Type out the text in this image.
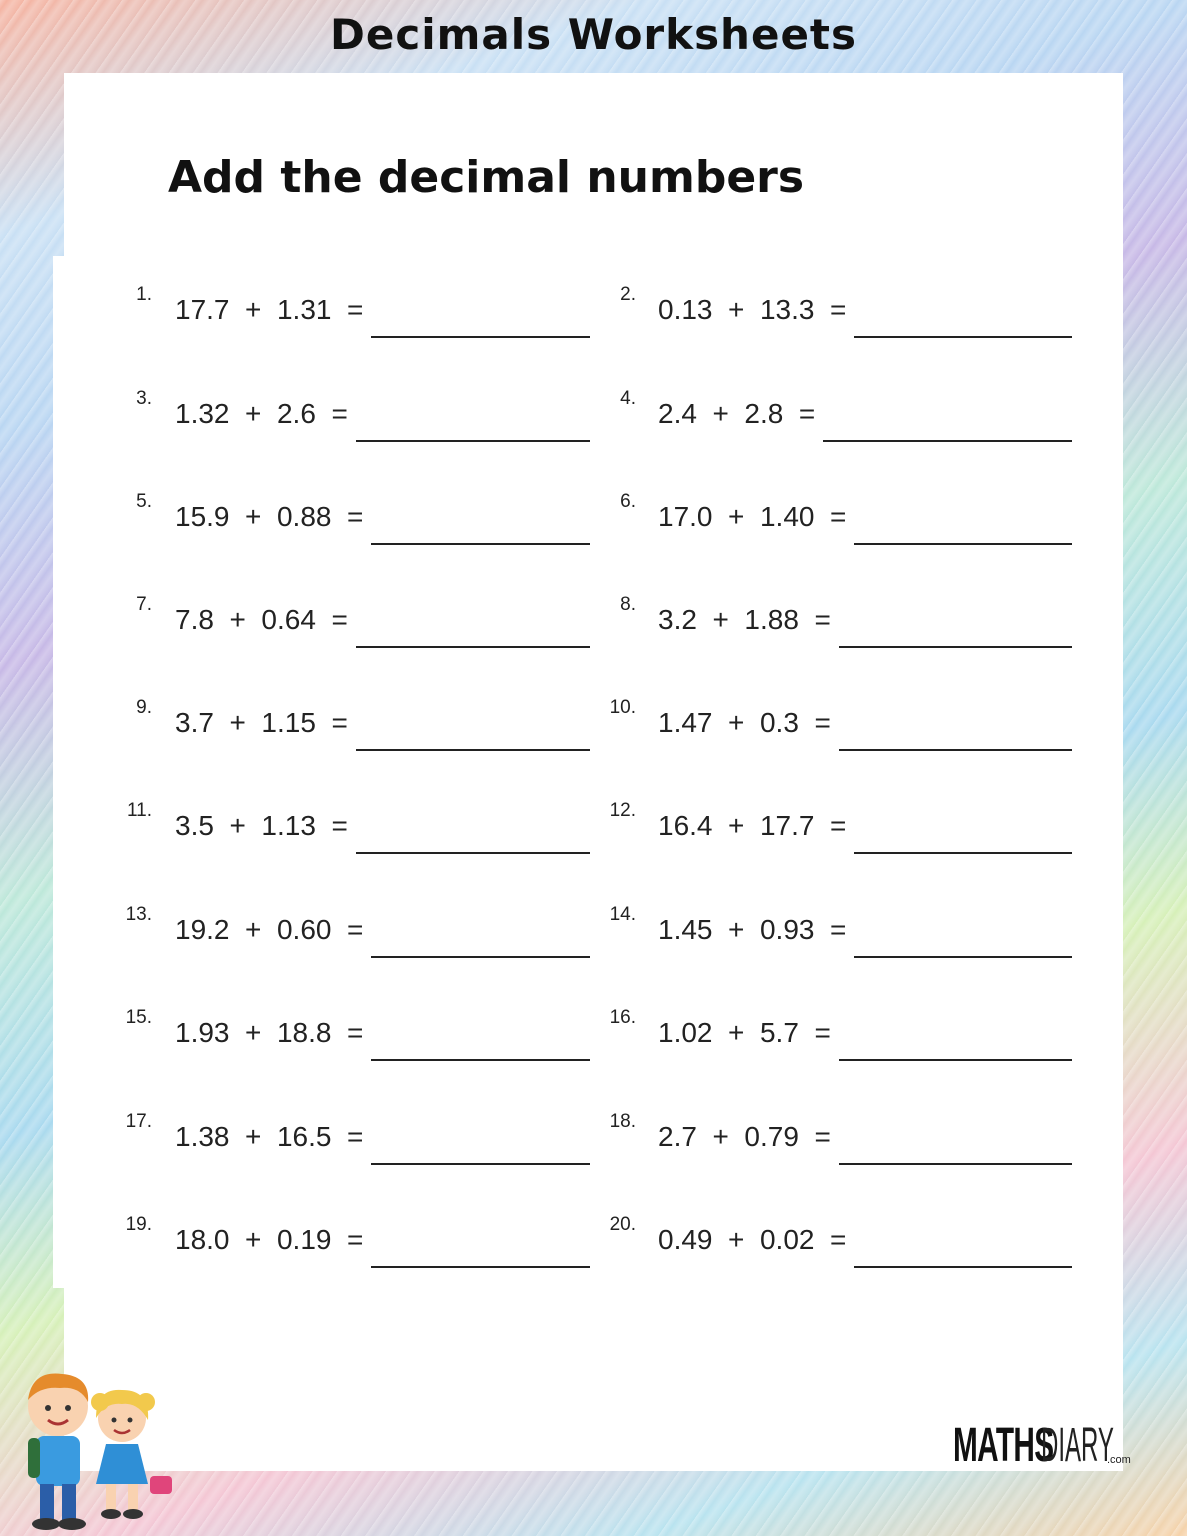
Decimals Worksheets
Add the decimal numbers
1. 17.7  +  1.31  =	2. 0.13  +  13.3  =
3. 1.32  +  2.6  =	4. 2.4  +  2.8  =
5. 15.9  +  0.88  =	6. 17.0  +  1.40  =
7. 7.8  +  0.64  =	8. 3.2  +  1.88  =
9. 3.7  +  1.15  =	10. 1.47  +  0.3  =
11. 3.5  +  1.13  =	12. 16.4  +  17.7  =
13. 19.2  +  0.60  =	14. 1.45  +  0.93  =
15. 1.93  +  18.8  =	16. 1.02  +  5.7  =
17. 1.38  +  16.5  =	18. 2.7  +  0.79  =
19. 18.0  +  0.19  =	20. 0.49  +  0.02  =
MATHS
DIARY
.com
